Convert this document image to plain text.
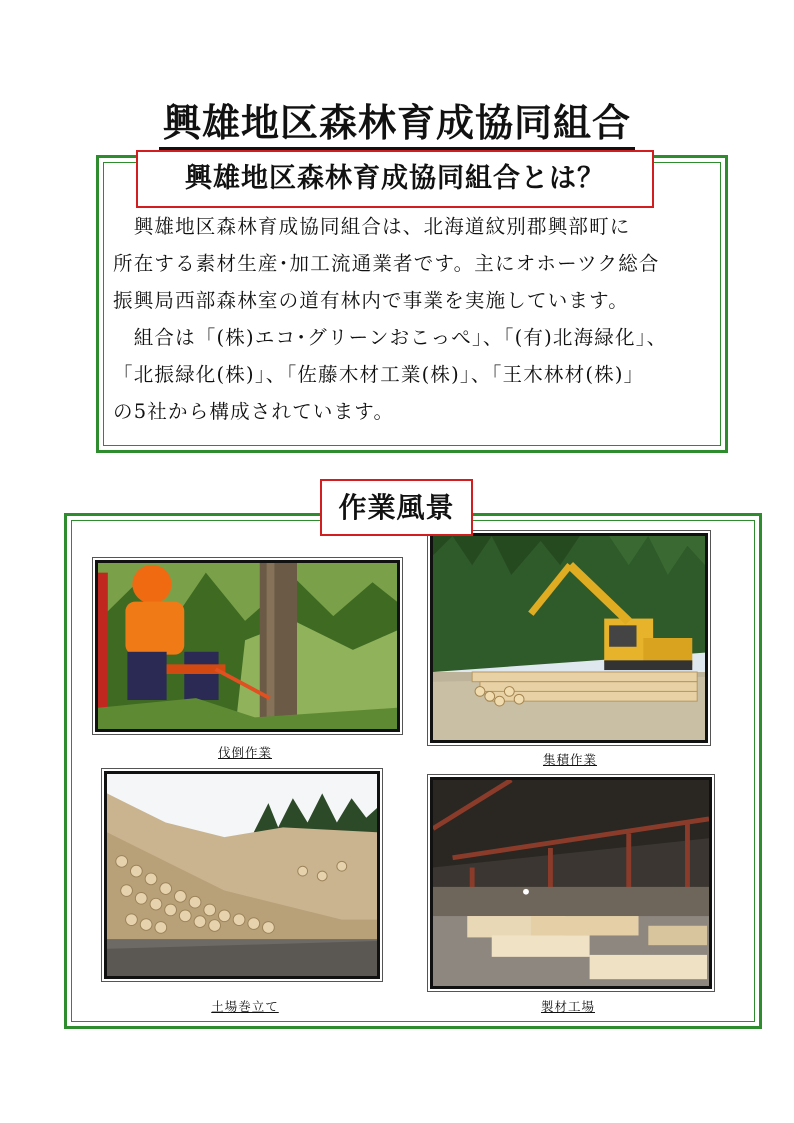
興雄地区森林育成協同組合
興雄地区森林育成協同組合とは？

　興雄地区森林育成協同組合は、北海道紋別郡興部町に

所在する素材生産･加工流通業者です。主にオホーツク総合

振興局西部森林室の道有林内で事業を実施しています。

　組合は「(株)エコ･グリーンおこっぺ」、「(有)北海緑化」、

「北振緑化(株)」、「佐藤木材工業(株)」、「王木林材(株)」

の5社から構成されています。

作業風景
伐倒作業	集積作業
土場巻立て	製材工場
